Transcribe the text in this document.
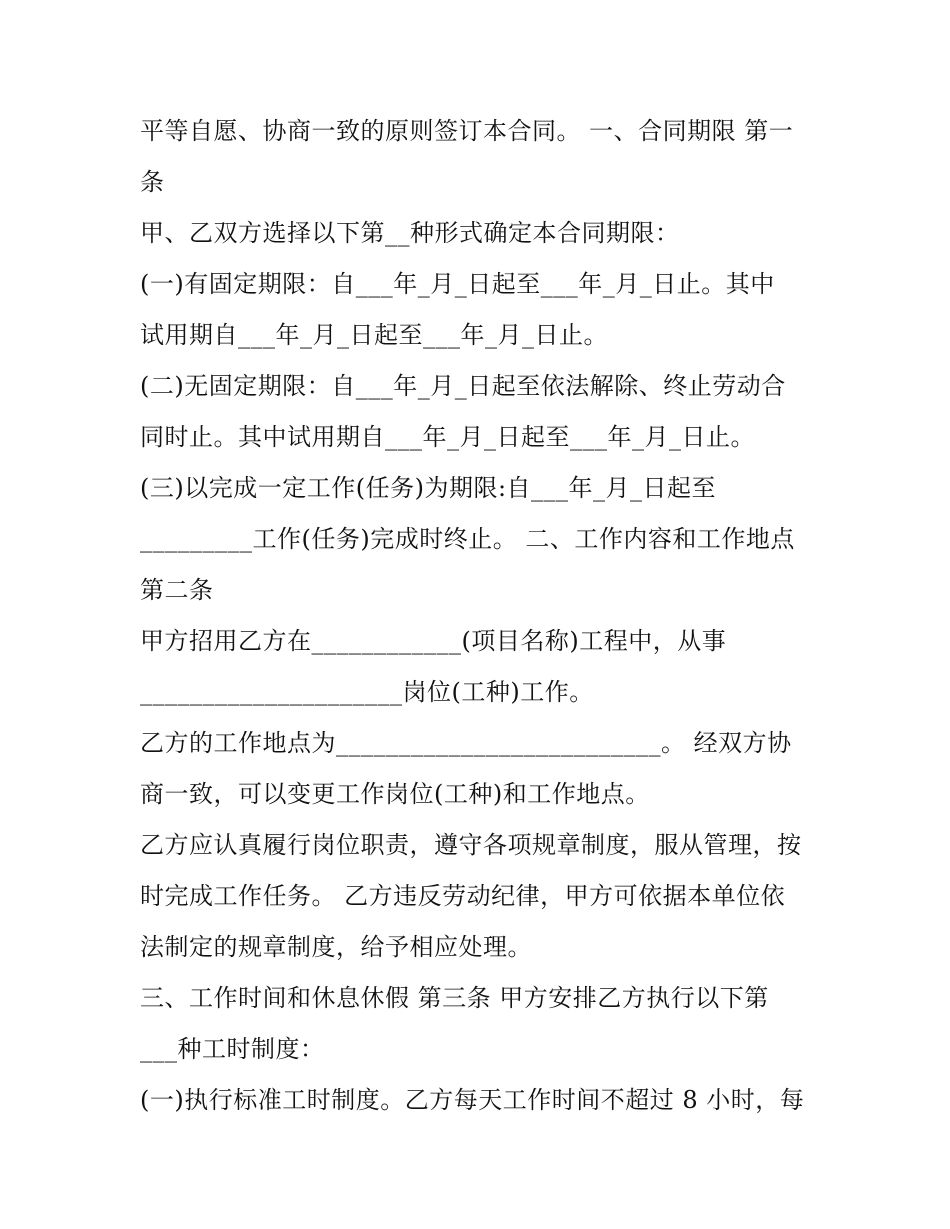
平等自愿、协商一致的原则签订本合同。 一、合同期限 第一
条
甲、乙双方选择以下第__种形式确定本合同期限：
(一)有固定期限：自___年_月_日起至___年_月_日止。其中
试用期自___年_月_日起至___年_月_日止。
(二)无固定期限：自___年_月_日起至依法解除、终止劳动合
同时止。其中试用期自___年_月_日起至___年_月_日止。
(三)以完成一定工作(任务)为期限:自___年_月_日起至
_________工作(任务)完成时终止。 二、工作内容和工作地点
第二条
甲方招用乙方在____________(项目名称)工程中，从事
_____________________岗位(工种)工作。
乙方的工作地点为__________________________。 经双方协
商一致，可以变更工作岗位(工种)和工作地点。
乙方应认真履行岗位职责，遵守各项规章制度，服从管理，按
时完成工作任务。 乙方违反劳动纪律，甲方可依据本单位依
法制定的规章制度，给予相应处理。
三、工作时间和休息休假 第三条 甲方安排乙方执行以下第
___种工时制度：
(一)执行标准工时制度。乙方每天工作时间不超过 8 小时，每
